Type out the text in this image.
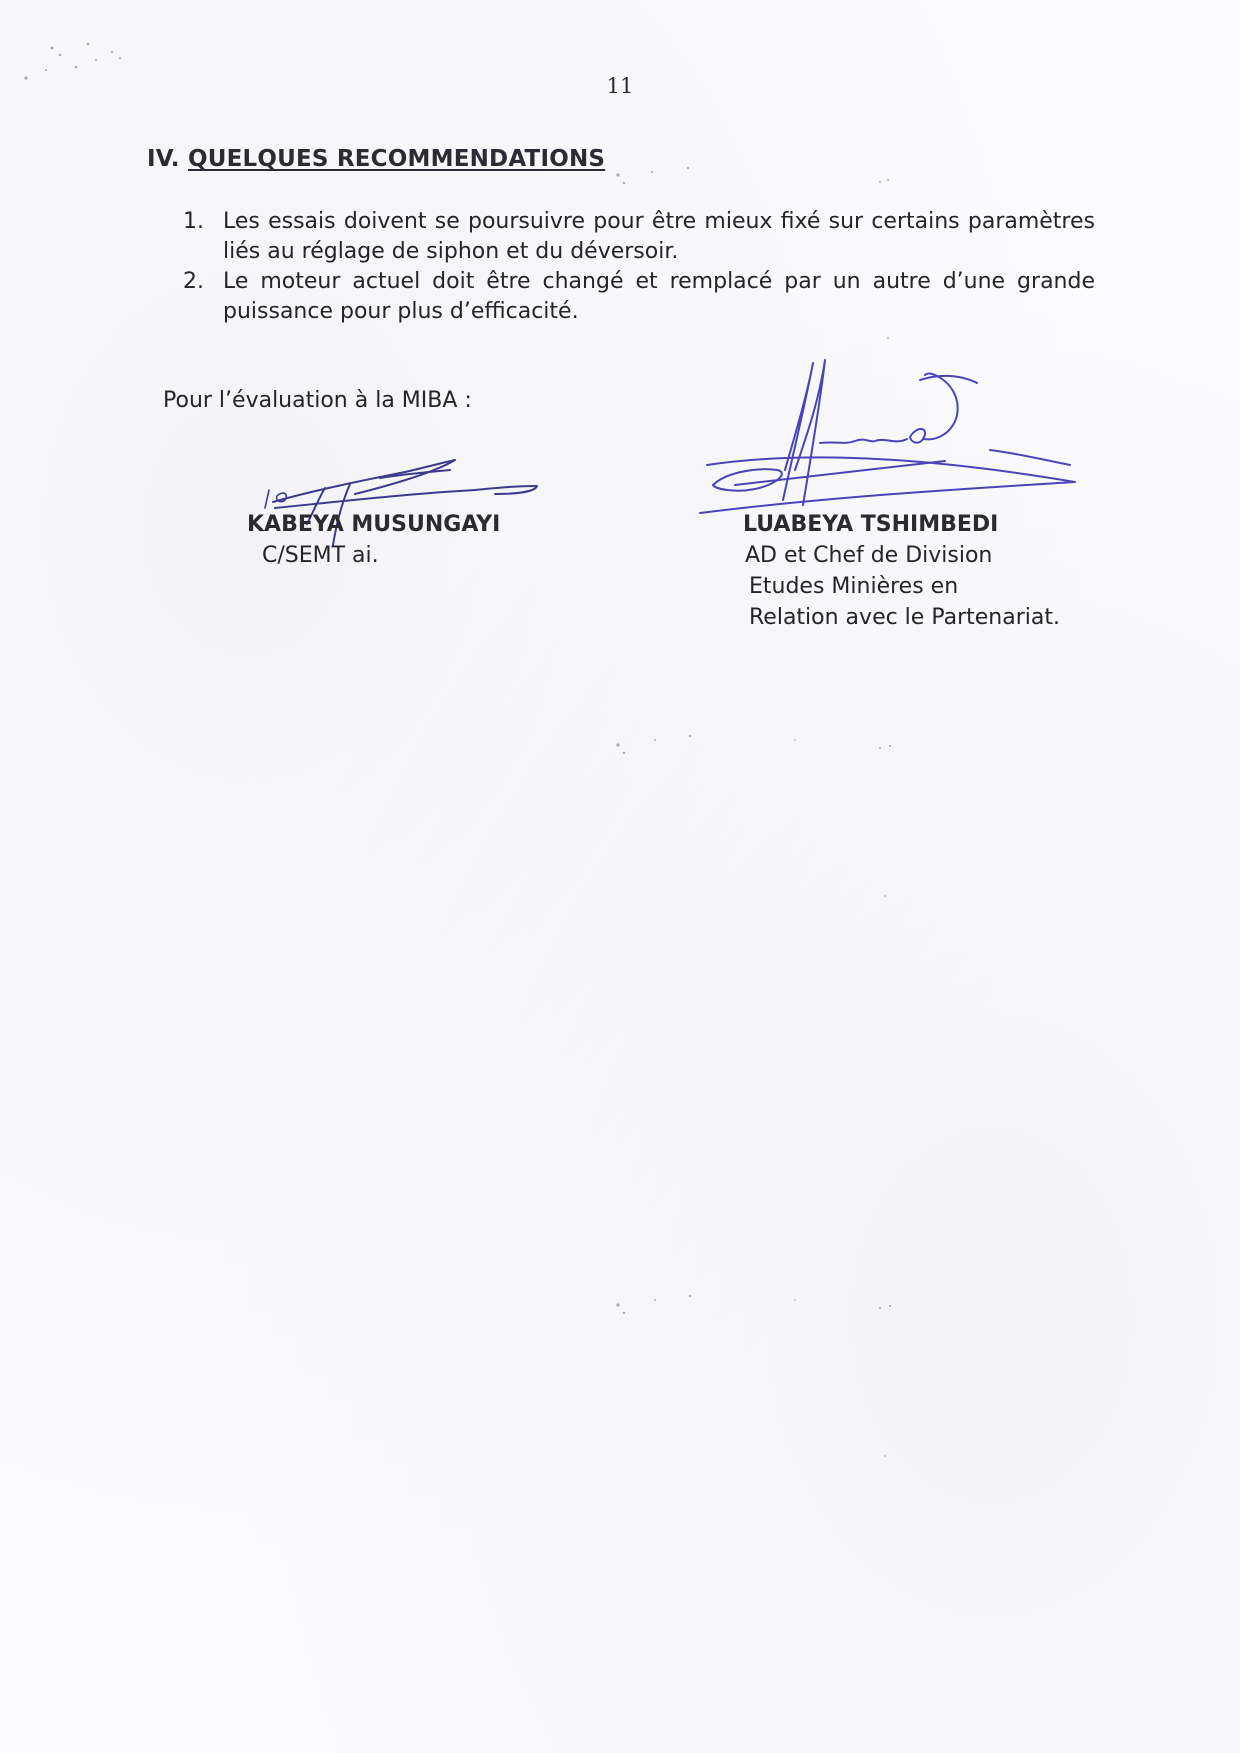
11
IV. QUELQUES RECOMMENDATIONS
1. Les essais doivent se poursuivre pour être mieux fixé sur certains paramètres liés au réglage de siphon et du déversoir.
2. Le moteur actuel doit être changé et remplacé par un autre d’une grande puissance pour plus d’efficacité.
Pour l’évaluation à la MIBA :
KABEYA MUSUNGAYI
C/SEMT ai.
LUABEYA TSHIMBEDI
AD et Chef de Division
Etudes Minières en
Relation avec le Partenariat.
